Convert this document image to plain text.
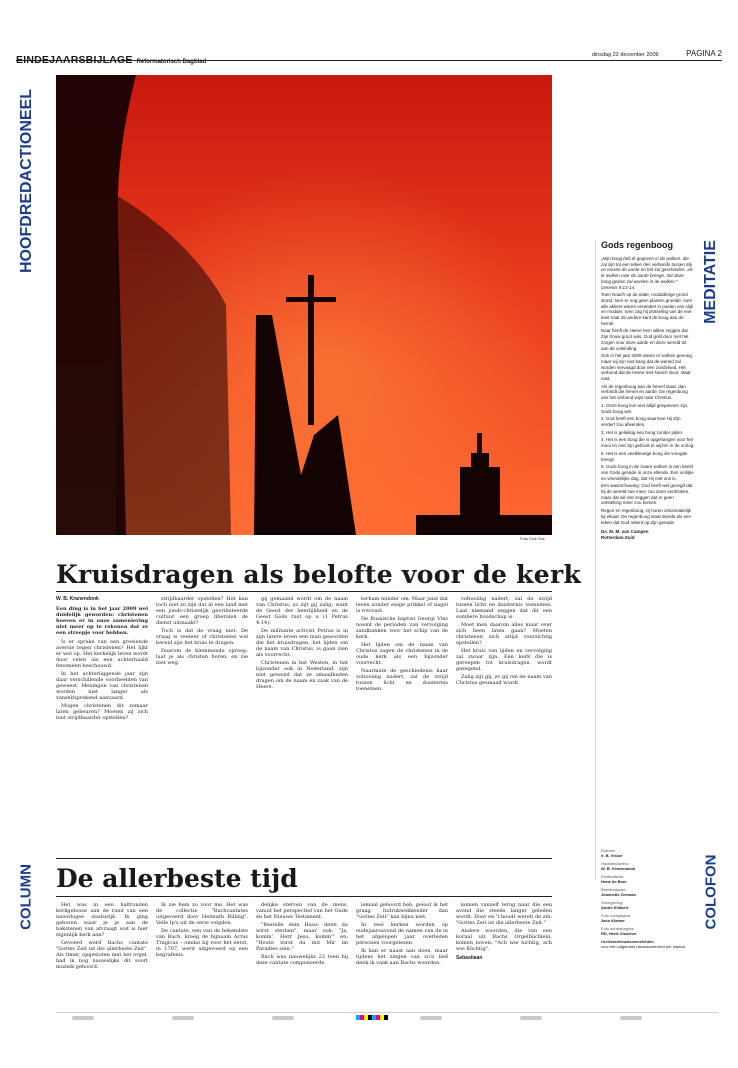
EINDEJAARSBIJLAGE Reformatorisch Dagblad
dinsdag 22 december 2009	PAGINA 2
HOOFDREDACTIONEEL
MEDITATIE
COLUMN	COLOFON
Foto Dick Vos
Kruisdragen als belofte voor de kerk

W. B. Kranendonk

Een ding is in het jaar 2009 wel duidelijk geworden: christenen hoeven er in onze samenleving niet meer op te rekenen dat ze een streepje voor hebben.

Is er sprake van een groeiende aversie tegen christenen? Het lijkt er wel op. Het kerkelijk leven wordt door velen als een achterhaald fenomeen beschouwd.

In het achterliggende jaar zijn daar verschillende voorbeelden van geweest. Meningen van christenen worden niet langer als vanzelfsprekend aanvaard.

Mogen christenen dit zomaar laten gebeuren? Moeten zij zich niet strijdbaarder opstellen?

strijdbaarder opstellen? Het kan toch niet zo zijn dat in een land met een joods-christelijk georiënteerde cultuur een groep liberalen de dienst uitmaakt?

Toch is dat de vraag niet. De vraag is veeleer of christenen wel bereid zijn het kruis te dragen.

Daarom de klemmende oproep: laat je als christen horen, en zie niet weg.

gij gemaand wordt om de naam van Christus, zo zijt gij zalig; want de Geest der heerlijkheid en de Geest Gods rust op u (1 Petrus 4:14).

De militante activist Petrus is in zijn latere leven een man geworden die het kruisdragen, het lijden om de naam van Christus, is gaan zien als voorrecht.

Christenen in het Westen, in het bijzonder ook in Nederland, zijn niet gewend dat ze smaadheden dragen om de naam en zaak van de Heere.

terham minder om. Maar juist dat leven zonder enige prikkel of nagel is rotsvast.

De Russische baptist Georgi Vins noemt de perioden van vervolging zandbanken voor het schip van de kerk.

Het lijden om de naam van Christus zagen de christenen in de oude kerk als een bijzonder voorrecht.

Naarmate de geschiedenis haar voltooiing nadert, zal de strijd tussen licht en duisternis toenemen.

voltooiing nadert, zal de strijd tussen licht en duisternis toenemen. Laat niemand zeggen dat dit een sombere boodschap is.

Moet men daarom alles maar over zich heen laten gaan? Moeten christenen zich altijd voorzichtig opstellen?

Het kruis van lijden en vervolging zal zwaar zijn. Een kerk die is geroepen tot kruisdragen, wordt gezegend.

Zalig zijt gij, zo gij om de naam van Christus gesmaad wordt.

Gods regenboog

„Mijn boog heb Ik gegeven in de wolken, die zal zijn tot een teken des verbonds tussen Mij en tussen de aarde en het zal geschieden, als Ik wolken over de aarde brenge, dat deze boog gezien zal worden in de wolken." Genesis 9:13-14.

Toen Noach op de natte, moddderige grond stond, toen er nog geen planten groeide, toen alle akkers waren verandert in poelen van slijk en modder, toen zag hij plotseling van de ene kant naar de andere kant de boog aan de hemel.

Daar heeft de Heere hem willen zeggen dat Zijn trouw groot was. God gold door met het zorgen voor deze aarde en deze wereld tot aan de voleinding.

Ook in het jaar 2009 waren er wolken genoeg, maar wij zijn niet bang dat de wereld zal worden vervaagd door een zondvloed. Het verbond dat de Heere met Noach sloot, staat vast.

Als de regenboog aan de hemel staat, dan verbindt die hemel en aarde. De regenboog van het verbond wijst naar Christus.

1. Onze boog kun niet altijd gespannen zijn, Gods boog wel.

2. God heeft een boog waarmee Hij Zijn verderf zou afwenden.

3. Het is gelukkig een boog zonder pijlen.

4. Het is een boog die is opgehangen voor het mooi en met zijn gebruik te wijzen in de oorlog.

5. Het is een veelkleurige boog die vreugde brengt.

6. Gods boog in de zware wolken is een beeld van Gods genade in onze ellende. Een vrolijke en vriendelijke dag, dat Hij met ons is.

Een waarschuwing: God heeft wel gezegd dat hij de wereld niet meer zou doen verdrinken, maar dat wil niet zeggen dat er geen ontsteking meer zou komen.

Regen en regenboog, zij horen onlosmakelijk bij elkaar. De regenboog staat steeds als een teken dat God rekent op Zijn genade.

Ds. M. M. van Campen
Rotterdam-Zuid
De allerbeste tijd

Het was in een halfronden kerkgebouw aan de rand van een naoorlogse stadswijk. Ik ging geboren waar je je aan de bakstenen van afvraagt wat is hier eigenlijk kerk aan?

Gevoerd werd Bachs cantate "Gottes Zeit ist die allerbeste Zeit". Als timer, opgesloten met het orgel, had ik nog nauwelijks dit soort muziek gehoord.

Ik zie hem zo voor me. Het was de collectie "Bachcantates uitgevoerd door Helmuth Rilling". Velle lp's uit de serie volgden.

De cantate, een van de bekendste van Bach, kreeg de bijnaam Actus Tragicus – omdat hij voor het eerst, in 1707, werd uitgevoerd op een begrafenis.

delijke sterven van de mens, vanuit het perspectief van het Oude én het Nieuwe Testament.

"Bestelle dein Haus: denn du wirst sterben", maar ook: "Ja, komm', Herr Jesu, komm'" en: "Heute wirst du mit Mir im Paradies sein."

Bach was nauwelijks 22 toen hij deze cantate componeerde.

lemaal gehoord heb, geloof ik het graag. Indrukwekkender dan "Gottes Zeit" kan bijna niet.

In veel kerken worden op oudejaarsavond de namen van de in het afgelopen jaar overleden personen voorgelezen.

Ik kan er naast aan doen, maar tijdens het zingen van zo'n lied denk ik vaak aan Bachs woorden.

komen vanzelf terug naar die een avond die steeds langer geleden wordt. Door en 't houdt werelt de zin: "Gottes Zeit ist die allerbeste Zeit."

Andere woorden, die van een koraal uit Bachs Orgelbüchlein, komen boven: "Ach wie nichtig, ach wie flüchtig".

Sebastiaan

Directie:
ir. B. Visser
Hoofdredacteur:
W. B. Kranendonk
Eindredactie:
Henk de Boer
Beeldredactie:
Jeannette Zeeman
Vormgeving:
André Klikkert
Foto voorpagina:
Jaco Klamer
Foto achterpagina:
RD, Henk Visscher
rd.nl/rss/nieuwsoverzichten
voor een uitgebreid nieuwsoverzicht per maand
